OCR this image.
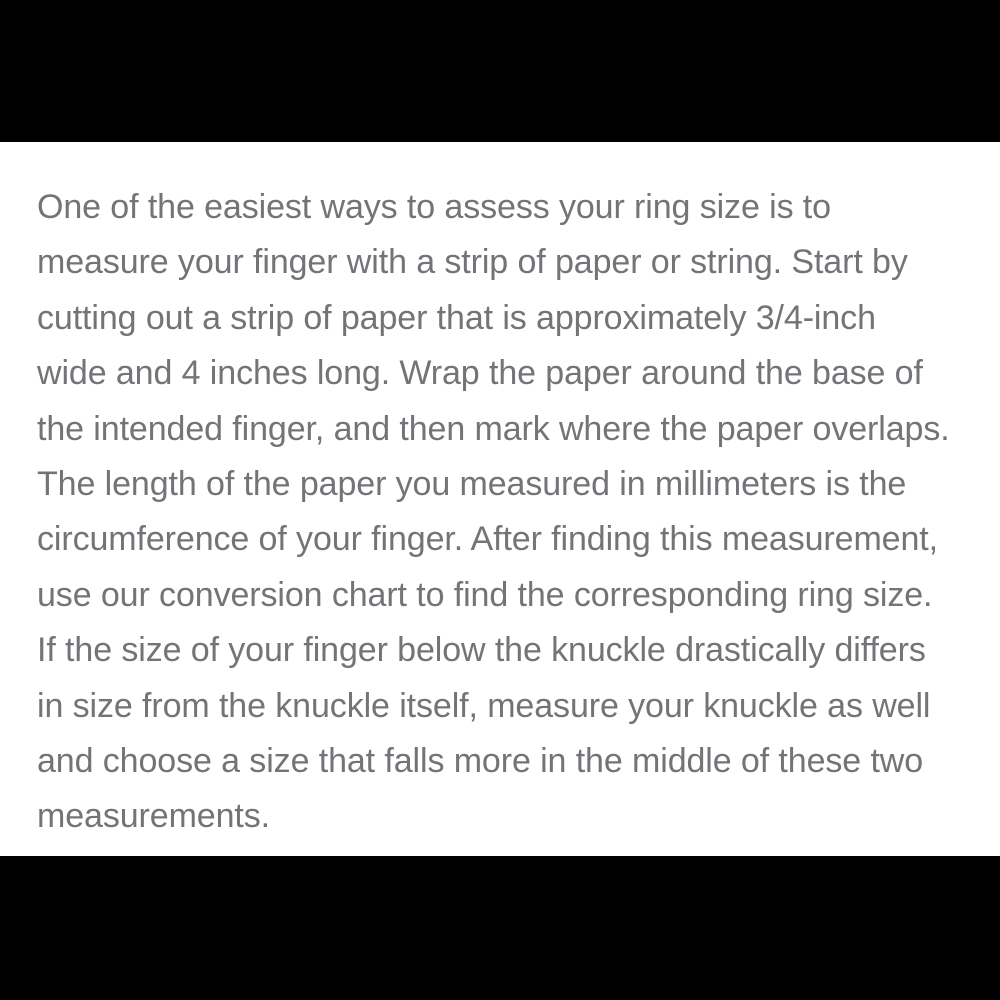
One of the easiest ways to assess your ring size is to
measure your finger with a strip of paper or string. Start by
cutting out a strip of paper that is approximately 3/4-inch
wide and 4 inches long. Wrap the paper around the base of
the intended finger, and then mark where the paper overlaps.
The length of the paper you measured in millimeters is the
circumference of your finger. After finding this measurement,
use our conversion chart to find the corresponding ring size.
If the size of your finger below the knuckle drastically differs
in size from the knuckle itself, measure your knuckle as well
and choose a size that falls more in the middle of these two
measurements.
